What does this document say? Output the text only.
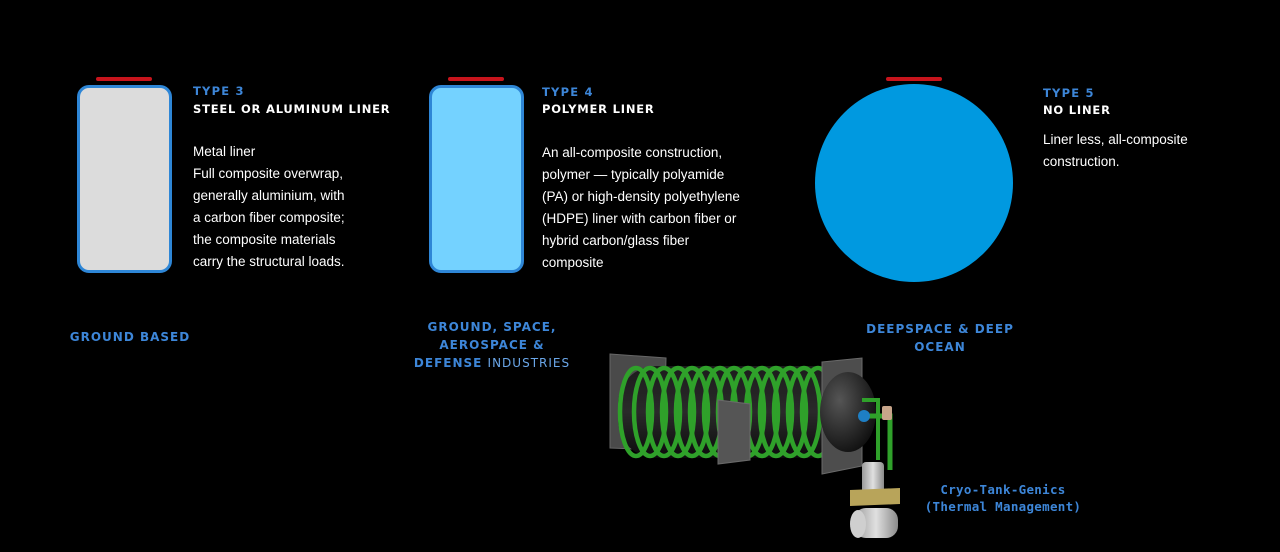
TYPE 3
STEEL OR ALUMINUM LINER
Metal liner
Full composite overwrap,
generally aluminium, with
a carbon fiber composite;
the composite materials
carry the structural loads.
GROUND BASED
TYPE 4
POLYMER LINER
An all-composite construction,
polymer — typically polyamide
(PA) or high-density polyethylene
(HDPE) liner with carbon fiber or
hybrid carbon/glass fiber
composite
GROUND, SPACE,
AEROSPACE &
DEFENSE INDUSTRIES
TYPE 5
NO LINER
Liner less, all-composite
construction.
DEEPSPACE & DEEP
OCEAN
Cryo-Tank-Genics
(Thermal Management)
